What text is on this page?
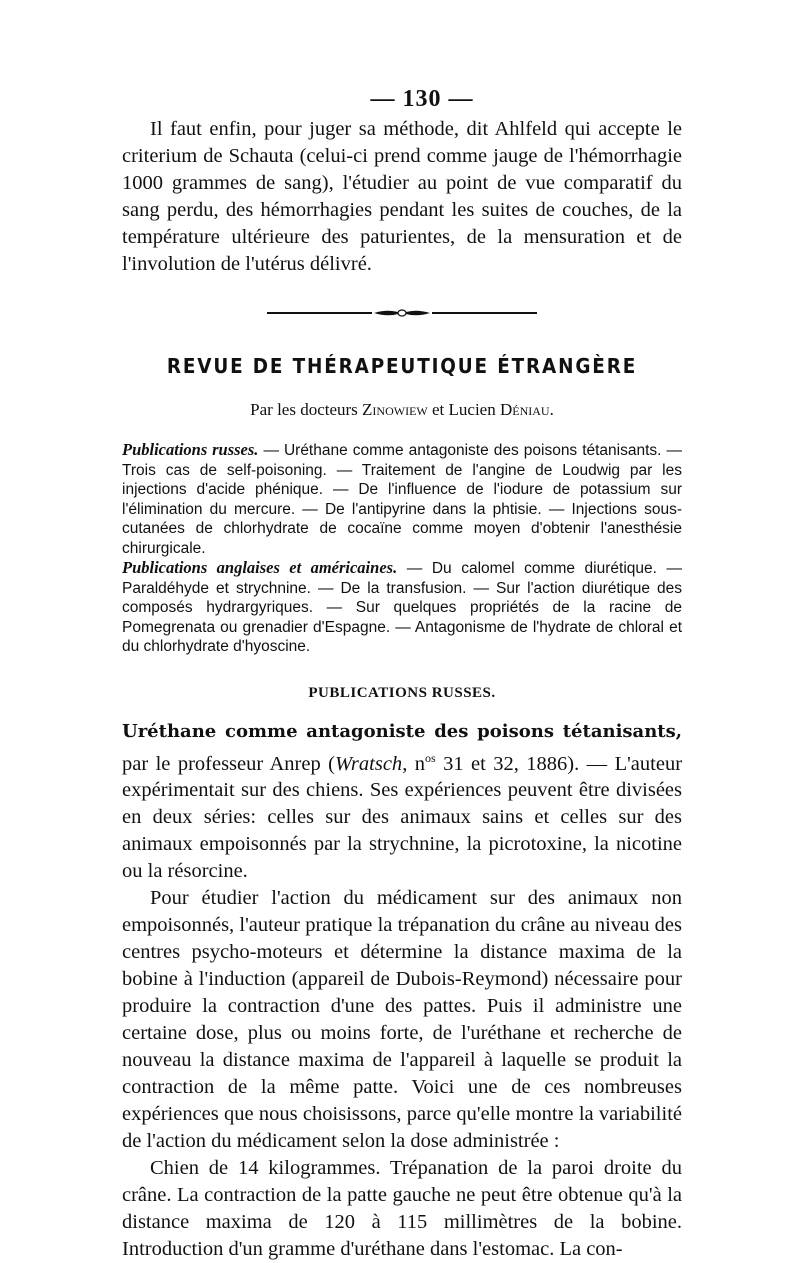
— 130 —

Il faut enfin, pour juger sa méthode, dit Ahlfeld qui accepte le criterium de Schauta (celui-ci prend comme jauge de l'hémorrhagie 1000 grammes de sang), l'étudier au point de vue comparatif du sang perdu, des hémorrhagies pendant les suites de couches, de la température ultérieure des paturientes, de la mensuration et de l'involution de l'utérus délivré.

REVUE DE THÉRAPEUTIQUE ÉTRANGÈRE
Par les docteurs Zinowiew et Lucien Déniau.

Publications russes. — Uréthane comme antagoniste des poisons tétanisants. — Trois cas de self-poisoning. — Traitement de l'angine de Loudwig par les injections d'acide phénique. — De l'influence de l'iodure de potassium sur l'élimination du mercure. — De l'antipyrine dans la phtisie. — Injections sous-cutanées de chlorhydrate de cocaïne comme moyen d'obtenir l'anesthésie chirurgicale.

Publications anglaises et américaines. — Du calomel comme diurétique. — Paraldéhyde et strychnine. — De la transfusion. — Sur l'action diurétique des composés hydrargyriques. — Sur quelques propriétés de la racine de Pomegrenata ou grenadier d'Espagne. — Antagonisme de l'hydrate de chloral et du chlorhydrate d'hyoscine.

PUBLICATIONS RUSSES.

Uréthane comme antagoniste des poisons tétanisants, par le professeur Anrep (Wratsch, $n^{os}$ 31 et 32, 1886). — L'auteur expérimentait sur des chiens. Ses expériences peuvent être divisées en deux séries: celles sur des animaux sains et celles sur des animaux empoisonnés par la strychnine, la picrotoxine, la nicotine ou la résorcine.

Pour étudier l'action du médicament sur des animaux non empoisonnés, l'auteur pratique la trépanation du crâne au niveau des centres psycho-moteurs et détermine la distance maxima de la bobine à l'induction (appareil de Dubois-Reymond) nécessaire pour produire la contraction d'une des pattes. Puis il administre une certaine dose, plus ou moins forte, de l'uréthane et recherche de nouveau la distance maxima de l'appareil à laquelle se produit la contraction de la même patte. Voici une de ces nombreuses expériences que nous choisissons, parce qu'elle montre la variabilité de l'action du médicament selon la dose administrée :

Chien de 14 kilogrammes. Trépanation de la paroi droite du crâne. La contraction de la patte gauche ne peut être obtenue qu'à la distance maxima de 120 à 115 millimètres de la bobine. Introduction d'un gramme d'uréthane dans l'estomac. La con-
